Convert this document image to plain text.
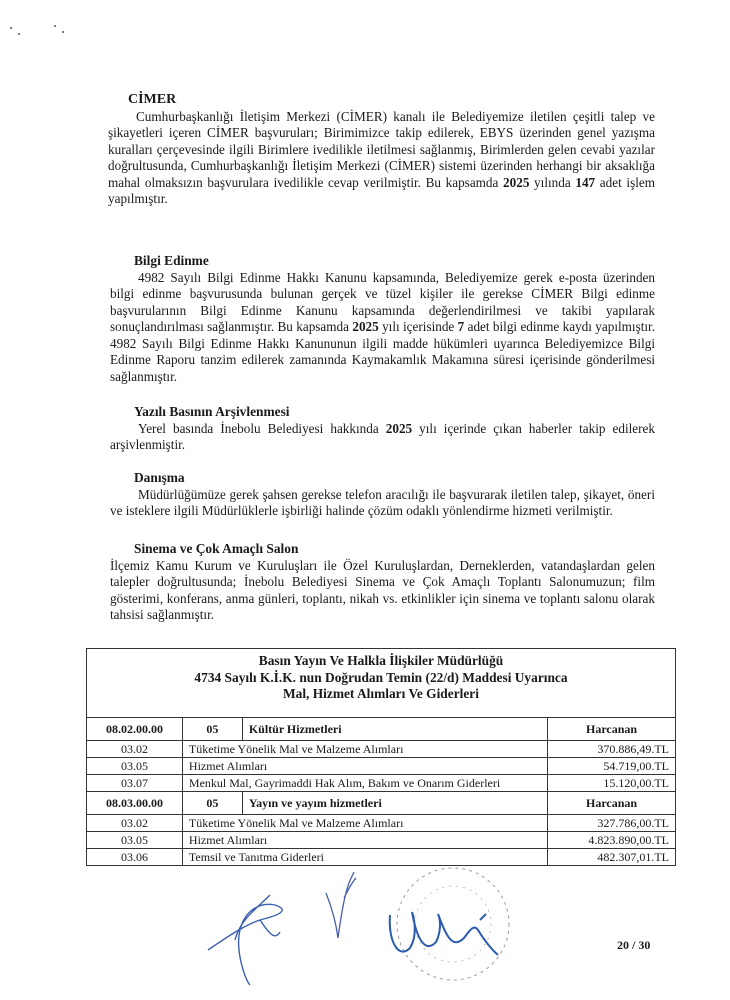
CİMER

Cumhurbaşkanlığı İletişim Merkezi (CİMER) kanalı ile Belediyemize iletilen çeşitli talep ve şikayetleri içeren CİMER başvuruları; Birimimizce takip edilerek, EBYS üzerinden genel yazışma kuralları çerçevesinde ilgili Birimlere ivedilikle iletilmesi sağlanmış, Birimlerden gelen cevabi yazılar doğrultusunda, Cumhurbaşkanlığı İletişim Merkezi (CİMER) sistemi üzerinden herhangi bir aksaklığa mahal olmaksızın başvurulara ivedilikle cevap verilmiştir. Bu kapsamda 2025 yılında 147 adet işlem yapılmıştır.

Bilgi Edinme

4982 Sayılı Bilgi Edinme Hakkı Kanunu kapsamında, Belediyemize gerek e-posta üzerinden bilgi edinme başvurusunda bulunan gerçek ve tüzel kişiler ile gerekse CİMER Bilgi edinme başvurularının Bilgi Edinme Kanunu kapsamında değerlendirilmesi ve takibi yapılarak sonuçlandırılması sağlanmıştır. Bu kapsamda 2025 yılı içerisinde 7 adet bilgi edinme kaydı yapılmıştır. 4982 Sayılı Bilgi Edinme Hakkı Kanununun ilgili madde hükümleri uyarınca Belediyemizce Bilgi Edinme Raporu tanzim edilerek zamanında Kaymakamlık Makamına süresi içerisinde gönderilmesi sağlanmıştır.

Yazılı Basının Arşivlenmesi

Yerel basında İnebolu Belediyesi hakkında 2025 yılı içerinde çıkan haberler takip edilerek arşivlenmiştir.

Danışma

Müdürlüğümüze gerek şahsen gerekse telefon aracılığı ile başvurarak iletilen talep, şikayet, öneri ve isteklere ilgili Müdürlüklerle işbirliği halinde çözüm odaklı yönlendirme hizmeti verilmiştir.

Sinema ve Çok Amaçlı Salon

İlçemiz Kamu Kurum ve Kuruluşları ile Özel Kuruluşlardan, Derneklerden, vatandaşlardan gelen talepler doğrultusunda; İnebolu Belediyesi Sinema ve Çok Amaçlı Toplantı Salonumuzun; film gösterimi, konferans, anma günleri, toplantı, nikah vs. etkinlikler için sinema ve toplantı salonu olarak tahsisi sağlanmıştır.

Basın Yayın Ve Halkla İlişkiler Müdürlüğü
4734 Sayılı K.İ.K. nun Doğrudan Temin (22/d) Maddesi Uyarınca
Mal, Hizmet Alımları Ve Giderleri			

08.02.00.00	05	Kültür Hizmetleri	Harcanan
03.02	Tüketime Yönelik Mal ve Malzeme Alımları		370.886,49.TL
03.05	Hizmet Alımları		54.719,00.TL
03.07	Menkul Mal, Gayrimaddi Hak Alım, Bakım ve Onarım Giderleri		15.120,00.TL
08.03.00.00	05	Yayın ve yayım hizmetleri	Harcanan
03.02	Tüketime Yönelik Mal ve Malzeme Alımları		327.786,00.TL
03.05	Hizmet Alımları		4.823.890,00.TL
03.06	Temsil ve Tanıtma Giderleri		482.307,01.TL
20 / 30
